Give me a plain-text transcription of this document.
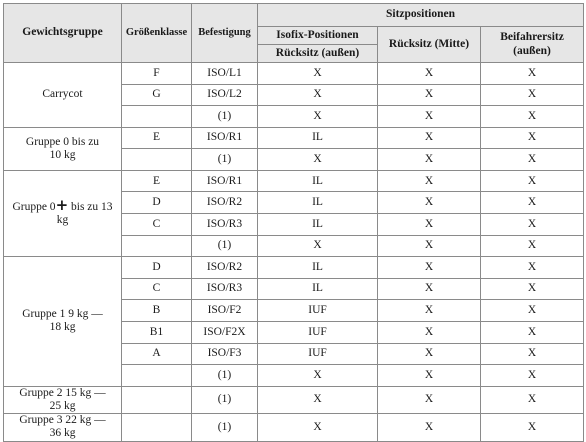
Gewichtsgruppe	Größenklasse	Befestigung	Sitzpositionen		
			Isofix-Positionen	Rücksitz (Mitte)	Beifahrersitz
(außen)
			Rücksitz (außen)		
Carrycot	F	ISO/L1	X	X	X
	G	ISO/L2	X	X	X
		(1)	X	X	X
Gruppe 0 bis zu
10 kg	E	ISO/R1	IL	X	X
		(1)	X	X	X
Gruppe 0+ bis zu 13
kg	E	ISO/R1	IL	X	X
	D	ISO/R2	IL	X	X
	C	ISO/R3	IL	X	X
		(1)	X	X	X
Gruppe 1 9 kg —
18 kg	D	ISO/R2	IL	X	X
	C	ISO/R3	IL	X	X
	B	ISO/F2	IUF	X	X
	B1	ISO/F2X	IUF	X	X
	A	ISO/F3	IUF	X	X
		(1)	X	X	X
Gruppe 2 15 kg —
25 kg		(1)	X	X	X
Gruppe 3 22 kg —
36 kg		(1)	X	X	X
